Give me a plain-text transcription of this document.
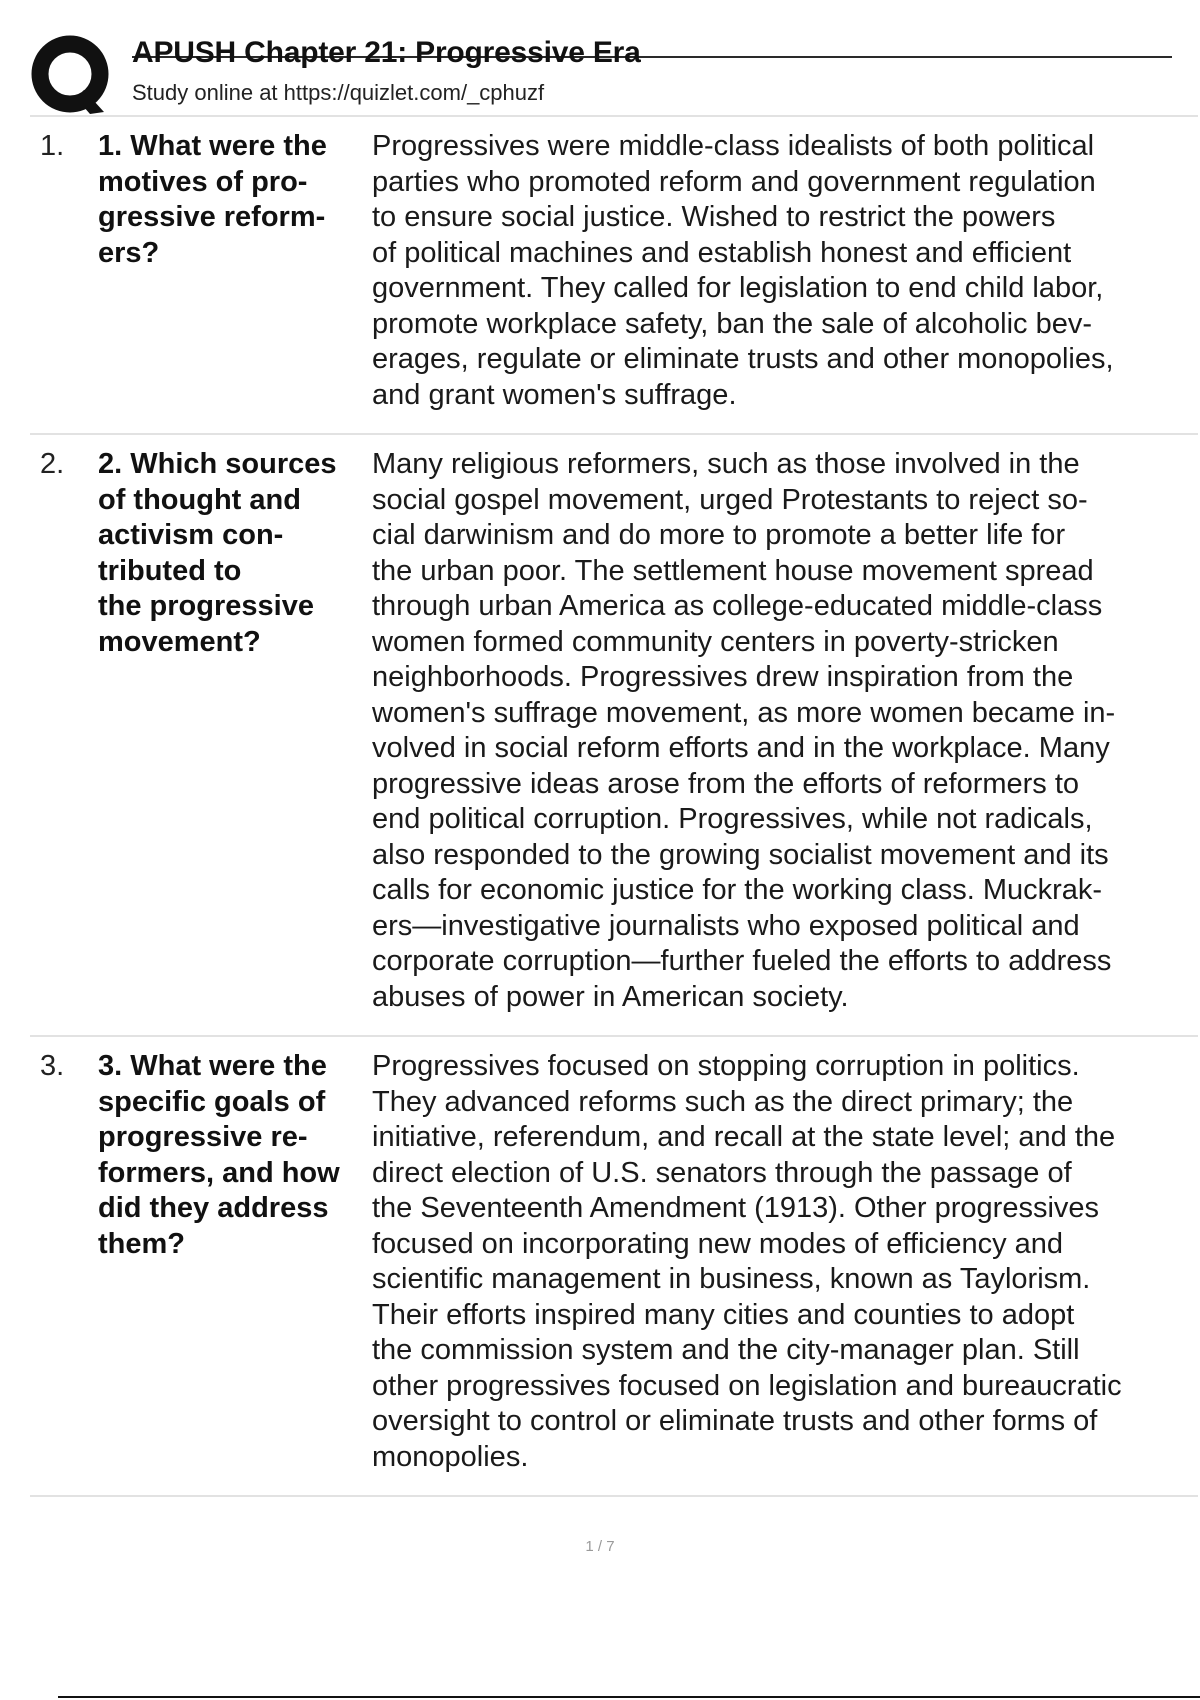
APUSH Chapter 21: Progressive Era
Study online at https://quizlet.com/_cphuzf
1. 1. What were the
motives of pro-
gressive reform-
ers?
Progressives were middle-class idealists of both political
parties who promoted reform and government regulation
to ensure social justice. Wished to restrict the powers
of political machines and establish honest and efficient
government. They called for legislation to end child labor,
promote workplace safety, ban the sale of alcoholic bev-
erages, regulate or eliminate trusts and other monopolies,
and grant women's suffrage.
2. 2. Which sources
of thought and
activism con-
tributed to
the progressive
movement?
Many religious reformers, such as those involved in the
social gospel movement, urged Protestants to reject so-
cial darwinism and do more to promote a better life for
the urban poor. The settlement house movement spread
through urban America as college-educated middle-class
women formed community centers in poverty-stricken
neighborhoods. Progressives drew inspiration from the
women's suffrage movement, as more women became in-
volved in social reform efforts and in the workplace. Many
progressive ideas arose from the efforts of reformers to
end political corruption. Progressives, while not radicals,
also responded to the growing socialist movement and its
calls for economic justice for the working class. Muckrak-
ers—investigative journalists who exposed political and
corporate corruption—further fueled the efforts to address
abuses of power in American society.
3. 3. What were the
specific goals of
progressive re-
formers, and how
did they address
them?
Progressives focused on stopping corruption in politics.
They advanced reforms such as the direct primary; the
initiative, referendum, and recall at the state level; and the
direct election of U.S. senators through the passage of
the Seventeenth Amendment (1913). Other progressives
focused on incorporating new modes of efficiency and
scientific management in business, known as Taylorism.
Their efforts inspired many cities and counties to adopt
the commission system and the city-manager plan. Still
other progressives focused on legislation and bureaucratic
oversight to control or eliminate trusts and other forms of
monopolies.
1 / 7
